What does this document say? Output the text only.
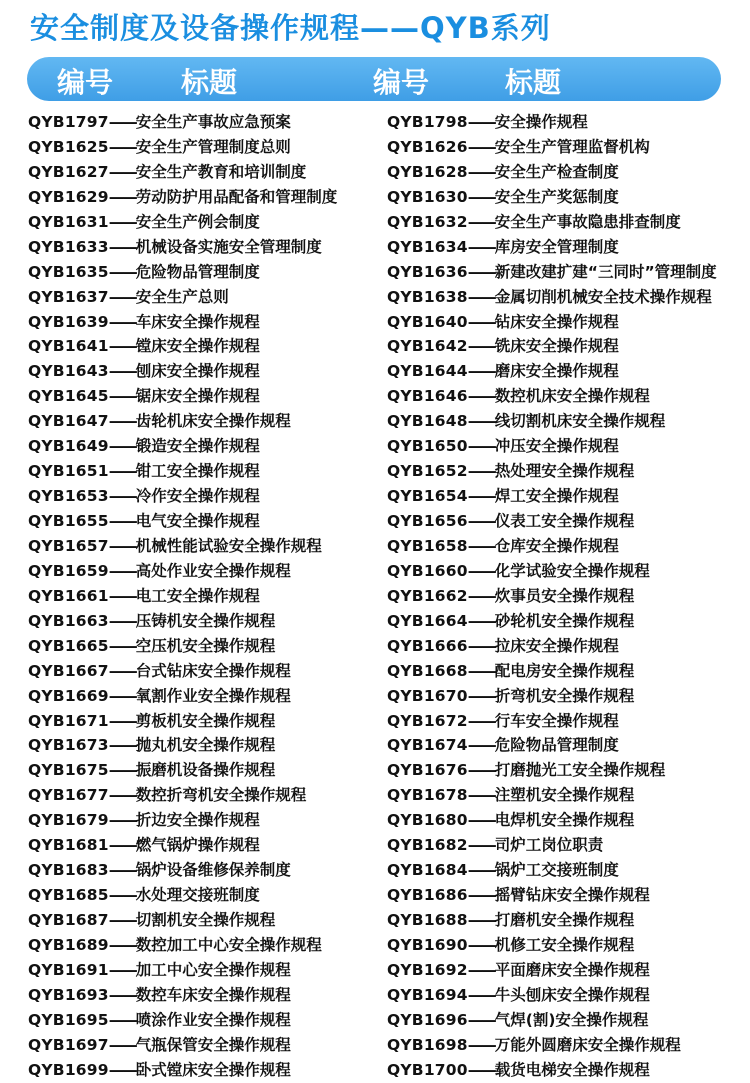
安全制度及设备操作规程——QYB系列
编号 标题	编号	标题
QYB1797——安全生产事故应急预案	QYB1798——安全操作规程
QYB1625——安全生产管理制度总则	QYB1626——安全生产管理监督机构
QYB1627——安全生产教育和培训制度	QYB1628——安全生产检查制度
QYB1629——劳动防护用品配备和管理制度	QYB1630——安全生产奖惩制度
QYB1631——安全生产例会制度	QYB1632——安全生产事故隐患排查制度
QYB1633——机械设备实施安全管理制度	QYB1634——库房安全管理制度
QYB1635——危险物品管理制度	QYB1636——新建改建扩建“三同时”管理制度
QYB1637——安全生产总则	QYB1638——金属切削机械安全技术操作规程
QYB1639——车床安全操作规程	QYB1640——钻床安全操作规程
QYB1641——镗床安全操作规程	QYB1642——铣床安全操作规程
QYB1643——刨床安全操作规程	QYB1644——磨床安全操作规程
QYB1645——锯床安全操作规程	QYB1646——数控机床安全操作规程
QYB1647——齿轮机床安全操作规程	QYB1648——线切割机床安全操作规程
QYB1649——锻造安全操作规程	QYB1650——冲压安全操作规程
QYB1651——钳工安全操作规程	QYB1652——热处理安全操作规程
QYB1653——冷作安全操作规程	QYB1654——焊工安全操作规程
QYB1655——电气安全操作规程	QYB1656——仪表工安全操作规程
QYB1657——机械性能试验安全操作规程	QYB1658——仓库安全操作规程
QYB1659——高处作业安全操作规程	QYB1660——化学试验安全操作规程
QYB1661——电工安全操作规程	QYB1662——炊事员安全操作规程
QYB1663——压铸机安全操作规程	QYB1664——砂轮机安全操作规程
QYB1665——空压机安全操作规程	QYB1666——拉床安全操作规程
QYB1667——台式钻床安全操作规程	QYB1668——配电房安全操作规程
QYB1669——氧割作业安全操作规程	QYB1670——折弯机安全操作规程
QYB1671——剪板机安全操作规程	QYB1672——行车安全操作规程
QYB1673——抛丸机安全操作规程	QYB1674——危险物品管理制度
QYB1675——振磨机设备操作规程	QYB1676——打磨抛光工安全操作规程
QYB1677——数控折弯机安全操作规程	QYB1678——注塑机安全操作规程
QYB1679——折边安全操作规程	QYB1680——电焊机安全操作规程
QYB1681——燃气锅炉操作规程	QYB1682——司炉工岗位职责
QYB1683——锅炉设备维修保养制度	QYB1684——锅炉工交接班制度
QYB1685——水处理交接班制度	QYB1686——摇臂钻床安全操作规程
QYB1687——切割机安全操作规程	QYB1688——打磨机安全操作规程
QYB1689——数控加工中心安全操作规程	QYB1690——机修工安全操作规程
QYB1691——加工中心安全操作规程	QYB1692——平面磨床安全操作规程
QYB1693——数控车床安全操作规程	QYB1694——牛头刨床安全操作规程
QYB1695——喷涂作业安全操作规程	QYB1696——气焊(割)安全操作规程
QYB1697——气瓶保管安全操作规程	QYB1698——万能外圆磨床安全操作规程
QYB1699——卧式镗床安全操作规程	QYB1700——载货电梯安全操作规程
